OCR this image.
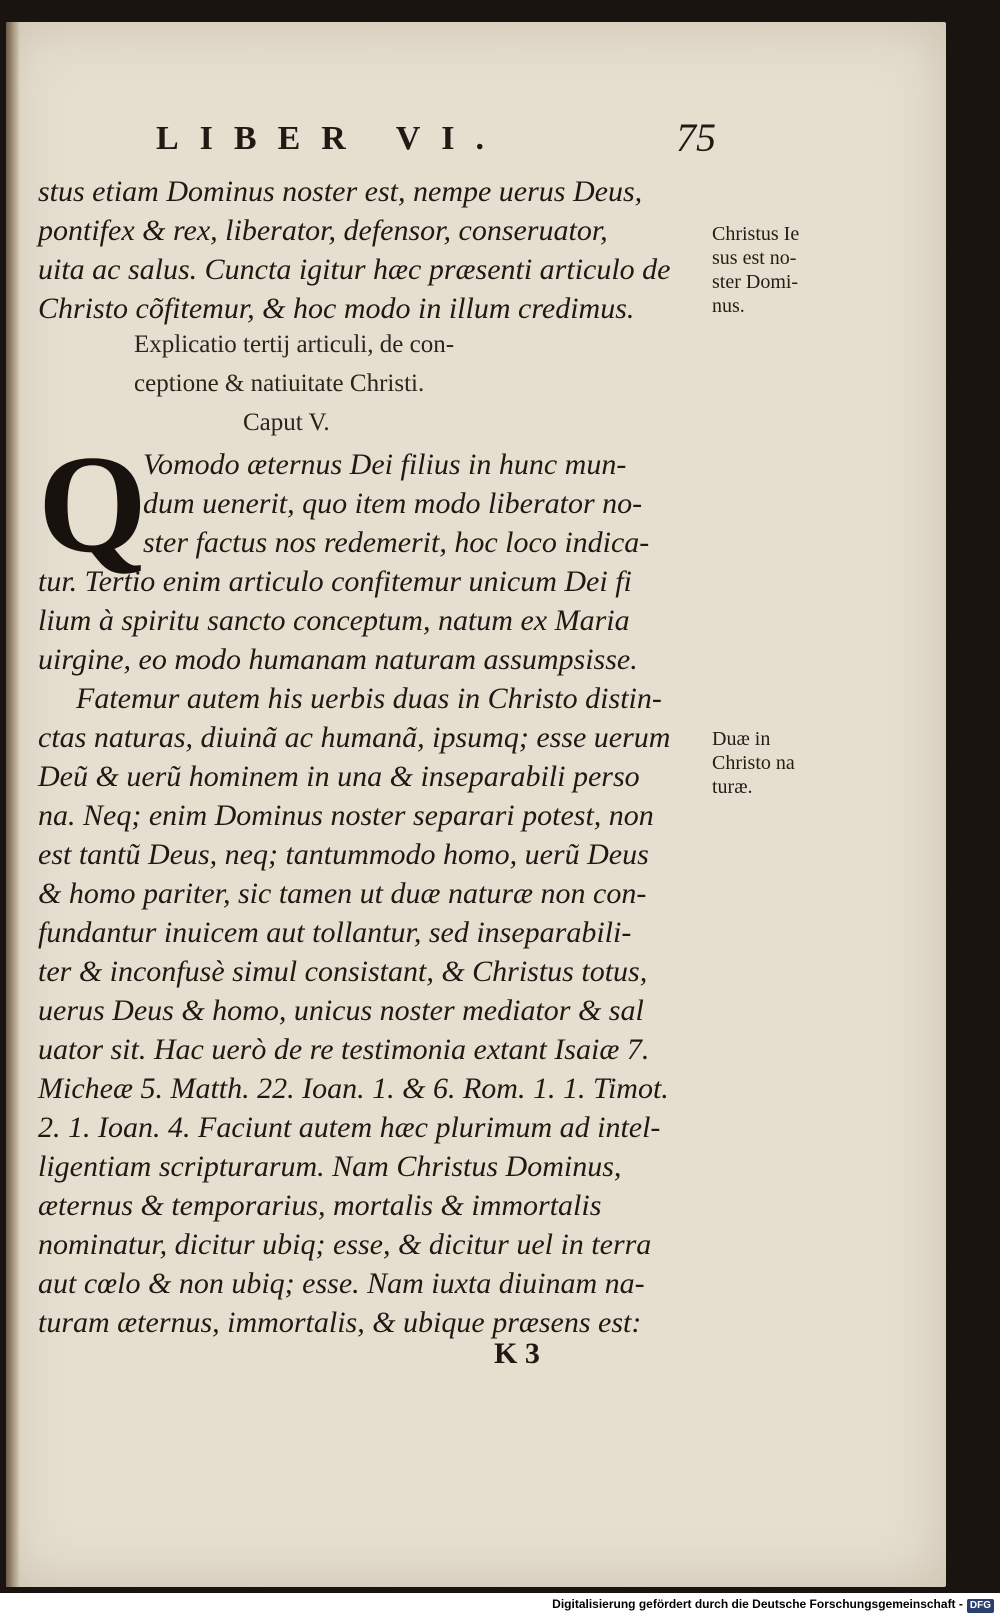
LIBER VI.	75
stus etiam Dominus noster est, nempe uerus Deus,
pontifex & rex, liberator, defensor, conseruator,
uita ac salus. Cuncta igitur hæc præsenti articulo de
Christo cõfitemur, & hoc modo in illum credimus.
Explicatio tertij articuli, de con-
ceptione & natiuitate Christi.
Caput V.
Q
Vomodo æternus Dei filius in hunc mun-
dum uenerit, quo item modo liberator no-
ster factus nos redemerit, hoc loco indica-
tur. Tertio enim articulo confitemur unicum Dei fi
lium à spiritu sancto conceptum, natum ex Maria
uirgine, eo modo humanam naturam assumpsisse.
Fatemur autem his uerbis duas in Christo distin-
ctas naturas, diuinã ac humanã, ipsumq; esse uerum
Deũ & uerũ hominem in una & inseparabili perso
na. Neq; enim Dominus noster separari potest, non
est tantũ Deus, neq; tantummodo homo, uerũ Deus
& homo pariter, sic tamen ut duæ naturæ non con-
fundantur inuicem aut tollantur, sed inseparabili-
ter & inconfusè simul consistant, & Christus totus,
uerus Deus & homo, unicus noster mediator & sal
uator sit. Hac uerò de re testimonia extant Isaiæ 7.
Micheæ 5. Matth. 22. Ioan. 1. & 6. Rom. 1. 1. Timot.
2. 1. Ioan. 4. Faciunt autem hæc plurimum ad intel-
ligentiam scripturarum. Nam Christus Dominus,
æternus & temporarius, mortalis & immortalis
nominatur, dicitur ubiq; esse, & dicitur uel in terra
aut cœlo & non ubiq; esse. Nam iuxta diuinam na-
turam æternus, immortalis, & ubique præsens est:
Christus Ie
sus est no-
ster Domi-
nus.
Duæ in
Christo na
turæ.
K 3
Digitalisierung gefördert durch die Deutsche Forschungsgemeinschaft - DFG
